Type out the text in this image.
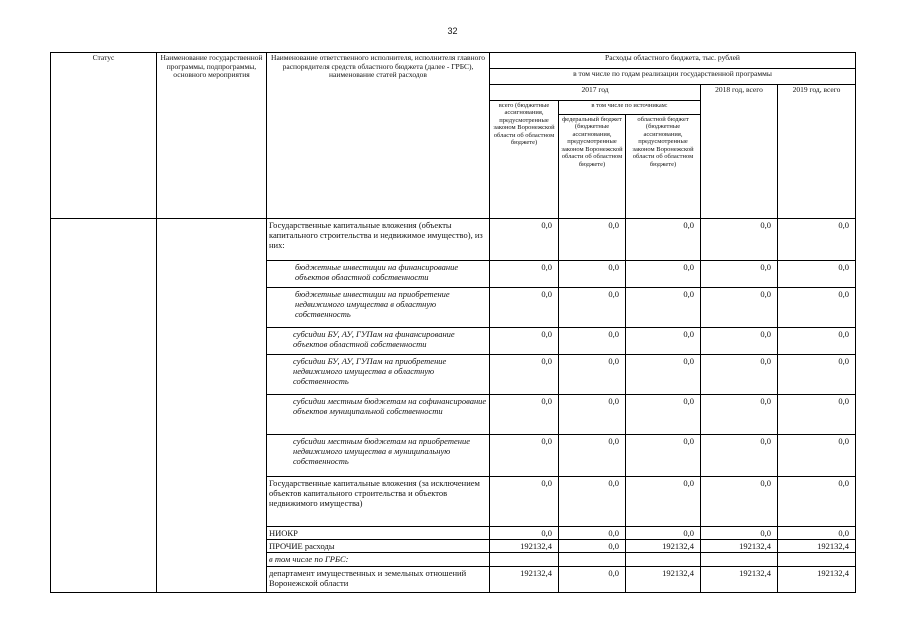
32
Статус	Наименование государственной программы, подпрограммы, основного мероприятия	Наименование ответственного исполнителя, исполнителя главного распорядителя средств областного бюджета (далее - ГРБС), наименование статей расходов	Расходы областного бюджета, тыс. рублей				
			в том числе по годам реализации государственной программы				
			2017 год			2018 год, всего	2019 год, всего
			всего (бюджетные ассигнования, предусмотренные законом Воронежской области об областном бюджете)	в том числе по источникам:			
				федеральный бюджет (бюджетные ассигнования, предусмотренные законом Воронежской области об областном бюджете)	областной бюджет (бюджетные ассигнования, предусмотренные законом Воронежской области об областном бюджете)		
		Государственные капитальные вложения (объекты капитального строительства и недвижимое имущество), из них:	0,0	0,0	0,0	0,0	0,0
		бюджетные инвестиции на финансирование объектов областной собственности	0,0	0,0	0,0	0,0	0,0
		бюджетные инвестиции на приобретение недвижимого имущества в областную собственность	0,0	0,0	0,0	0,0	0,0
		субсидии БУ, АУ, ГУПам на финансирование объектов областной собственности	0,0	0,0	0,0	0,0	0,0
		субсидии БУ, АУ, ГУПам на приобретение недвижимого имущества в областную собственность	0,0	0,0	0,0	0,0	0,0
		субсидии местным бюджетам на софинансирование объектов муниципальной собственности	0,0	0,0	0,0	0,0	0,0
		субсидии местным бюджетам на приобретение недвижимого имущества в муниципальную собственность	0,0	0,0	0,0	0,0	0,0
		Государственные капитальные вложения (за исключением объектов капитального строительства и объектов недвижимого имущества)	0,0	0,0	0,0	0,0	0,0
		НИОКР	0,0	0,0	0,0	0,0	0,0
		ПРОЧИЕ расходы	192132,4	0,0	192132,4	192132,4	192132,4
		в том числе по ГРБС:					
		департамент имущественных и земельных отношений Воронежской области	192132,4	0,0	192132,4	192132,4	192132,4
